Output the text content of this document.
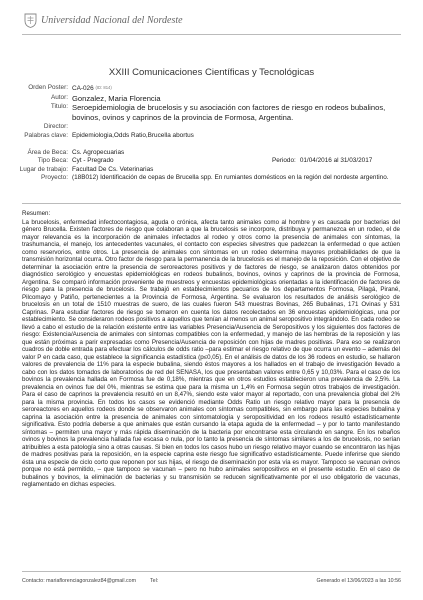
Universidad Nacional del Nordeste
XXIII Comunicaciones Científicas y Tecnológicas
Orden Poster: CA-026 (ID: 814)
Autor: Gonzalez, Maria Florencia
Titulo: Seroepidemiologia de brucelosis y su asociación con factores de riesgo en rodeos bubalinos, bovinos, ovinos y caprinos de la provincia de Formosa, Argentina.
Director:
Palabras clave: Epidemiologia,Odds Ratio,Brucella abortus
Área de Beca: Cs. Agropecuarias
Tipo Beca: Cyt - Pregrado	Periodo: 01/04/2016 al 31/03/2017
Lugar de trabajo: Facultad De Cs. Veterinarias
Proyecto: (18B012) Identificación de cepas de Brucella spp. En rumiantes domésticos en la región del nordeste argentino.
Resumen:

La brucelosis, enfermedad infectocontagiosa, aguda o crónica, afecta tanto animales como al hombre y es causada por bacterias del género Brucella. Existen factores de riesgo que colaboran a que la brucelosis se incorpore, distribuya y permanezca en un rodeo, el de mayor relevancia es la incorporación de animales infectados al rodeo y otros como la presencia de animales con síntomas, la trashumancia, el manejo, los antecedentes vacunales, el contacto con especies silvestres que padezcan la enfermedad o que actúen como reservorios, entre otros. La presencia de animales con síntomas en un rodeo determina mayores probabilidades de que la transmisión horizontal ocurra. Otro factor de riesgo para la permanencia de la brucelosis es el manejo de la reposición. Con el objetivo de determinar la asociación entre la presencia de seroreactores positivos y de factores de riesgo, se analizaron datos obtenidos por diagnóstico serológico y encuestas epidemiológicas en rodeos bubalinos, bovinos, ovinos y caprinos de la provincia de Formosa, Argentina. Se comparó información proveniente de muestreos y encuestas epidemiológicas orientadas a la identificación de factores de riesgo para la presencia de brucelosis. Se trabajó en establecimientos pecuarios de los departamentos Formosa, Pilagá, Pirané, Pilcomayo y Patiño, pertenecientes a la Provincia de Formosa, Argentina. Se evaluaron los resultados de análisis serológico de brucelosis en un total de 1510 muestras de suero, de las cuales fueron 543 muestras Bovinas, 265 Bubalinas, 171 Ovinas y 531 Caprinas. Para estudiar factores de riesgo se tomaron en cuenta los datos recolectados en 36 encuestas epidemiológicas, una por establecimiento. Se consideraron rodeos positivos a aquellos que tenían al menos un animal seropositivo integrándolo. En cada rodeo se llevó a cabo el estudio de la relación existente entre las variables Presencia/Ausencia de Seropositivos y los siguientes dos factores de riesgo: Existencia/Ausencia de animales con síntomas compatibles con la enfermedad, y manejo de las hembras de la reposición y las que están próximas a parir expresadas como Presencia/Ausencia de reposición con hijas de madres positivas. Para eso se realizaron cuadros de doble entrada para efectuar los cálculos de odds ratio –para estimar el riesgo relativo de que ocurra un evento – además del valor P en cada caso, que establece la significancia estadística (p≤0,05). En el análisis de datos de los 36 rodeos en estudio, se hallaron valores de prevalencia de 11% para la especie bubalina, siendo éstos mayores a los hallados en el trabajo de investigación llevado a cabo con los datos tomados de laboratorios de red del SENASA, los que presentaban valores entre 0,65 y 10,03%. Para el caso de los bovinos la prevalencia hallada en Formosa fue de 0,18%, mientras que en otros estudios establecieron una prevalencia de 2,5%. La prevalencia en ovinos fue del 0%, mientras se estima que para la misma un 1,4% en Formosa según otros trabajos de investigación. Para el caso de caprinos la prevalencia resultó en un 8,47%, siendo este valor mayor al reportado, con una prevalencia global del 2% para la misma provincia. En todos los casos se evidenció mediante Odds Ratio un riesgo relativo mayor para la presencia de seroreactores en aquellos rodeos donde se observaron animales con síntomas compatibles, sin embargo para las especies bubalina y caprina la asociación entre la presencia de animales con sintomatología y seropositividad en los rodeos resultó estadísticamente significativa. Esto podría deberse a que animales que están cursando la etapa aguda de la enfermedad – y por lo tanto manifestando síntomas – permiten una mayor y más rápida diseminación de la bacteria por encontrarse esta circulando en sangre. En los rebaños ovinos y bovinos la prevalencia hallada fue escasa o nula, por lo tanto la presencia de síntomas similares a los de brucelosis, no serían atribuibles a esta patología sino a otras causas. Si bien en todos los casos hubo un riesgo relativo mayor cuando se encontraron las hijas de madres positivas para la reposición, en la especie caprina este riesgo fue significativo estadísticamente. Puede inferirse que siendo ésta una especie de ciclo corto que reponen por sus hijas, el riesgo de diseminación por esta vía es mayor. Tampoco se vacunan ovinos porque no está permitido, – que tampoco se vacunan – pero no hubo animales seropositivos en el presente estudio. En el caso de bubalinos y bovinos, la eliminación de bacterias y su transmisión se reducen significativamente por el uso obligatorio de vacunas, reglamentado en dichas especies.

Contacto: mariaflorenciagonzalez84@gmail.com	Tel:	Generado el 13/06/2023 a las 10:56
